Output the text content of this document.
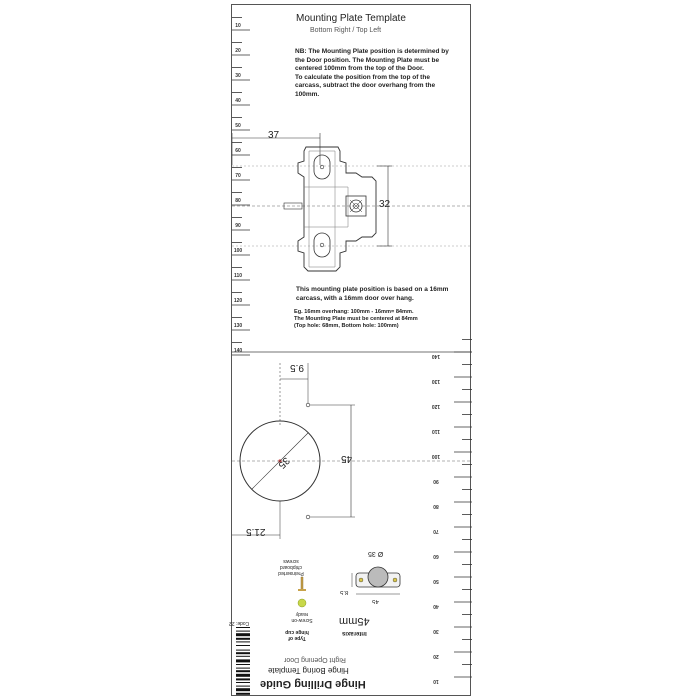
Mounting Plate Template
Bottom Right / Top Left
NB: The Mounting Plate position is determined by
the Door position. The Mounting Plate must be
centered 100mm from the top of the Door.
To calculate the position from the top of the
carcass, subtract the door overhang from the
100mm.
10
20
30
40
50
60
70
80
90
100
110
120
130
140
37
32
This mounting plate position is based on a 16mm
carcass, with a 16mm door over hang.
Eg. 16mm overhang: 100mm - 16mm= 84mm.
The Mounting Plate must be centered at 84mm
(Top hole: 68mm, Bottom hole: 100mm)
10
20
30
40
50
60
70
80
90
100
110
120
130
140
9.5
35	45
21.5
Ø 35
8.5
45
45mm
Interaxis
Preinserted chipboard screws
Screw-on ready
Type of hinge cup
Hinge Drilling Guide
Hinge Boring Template
Right Opening Door
Code: 22
